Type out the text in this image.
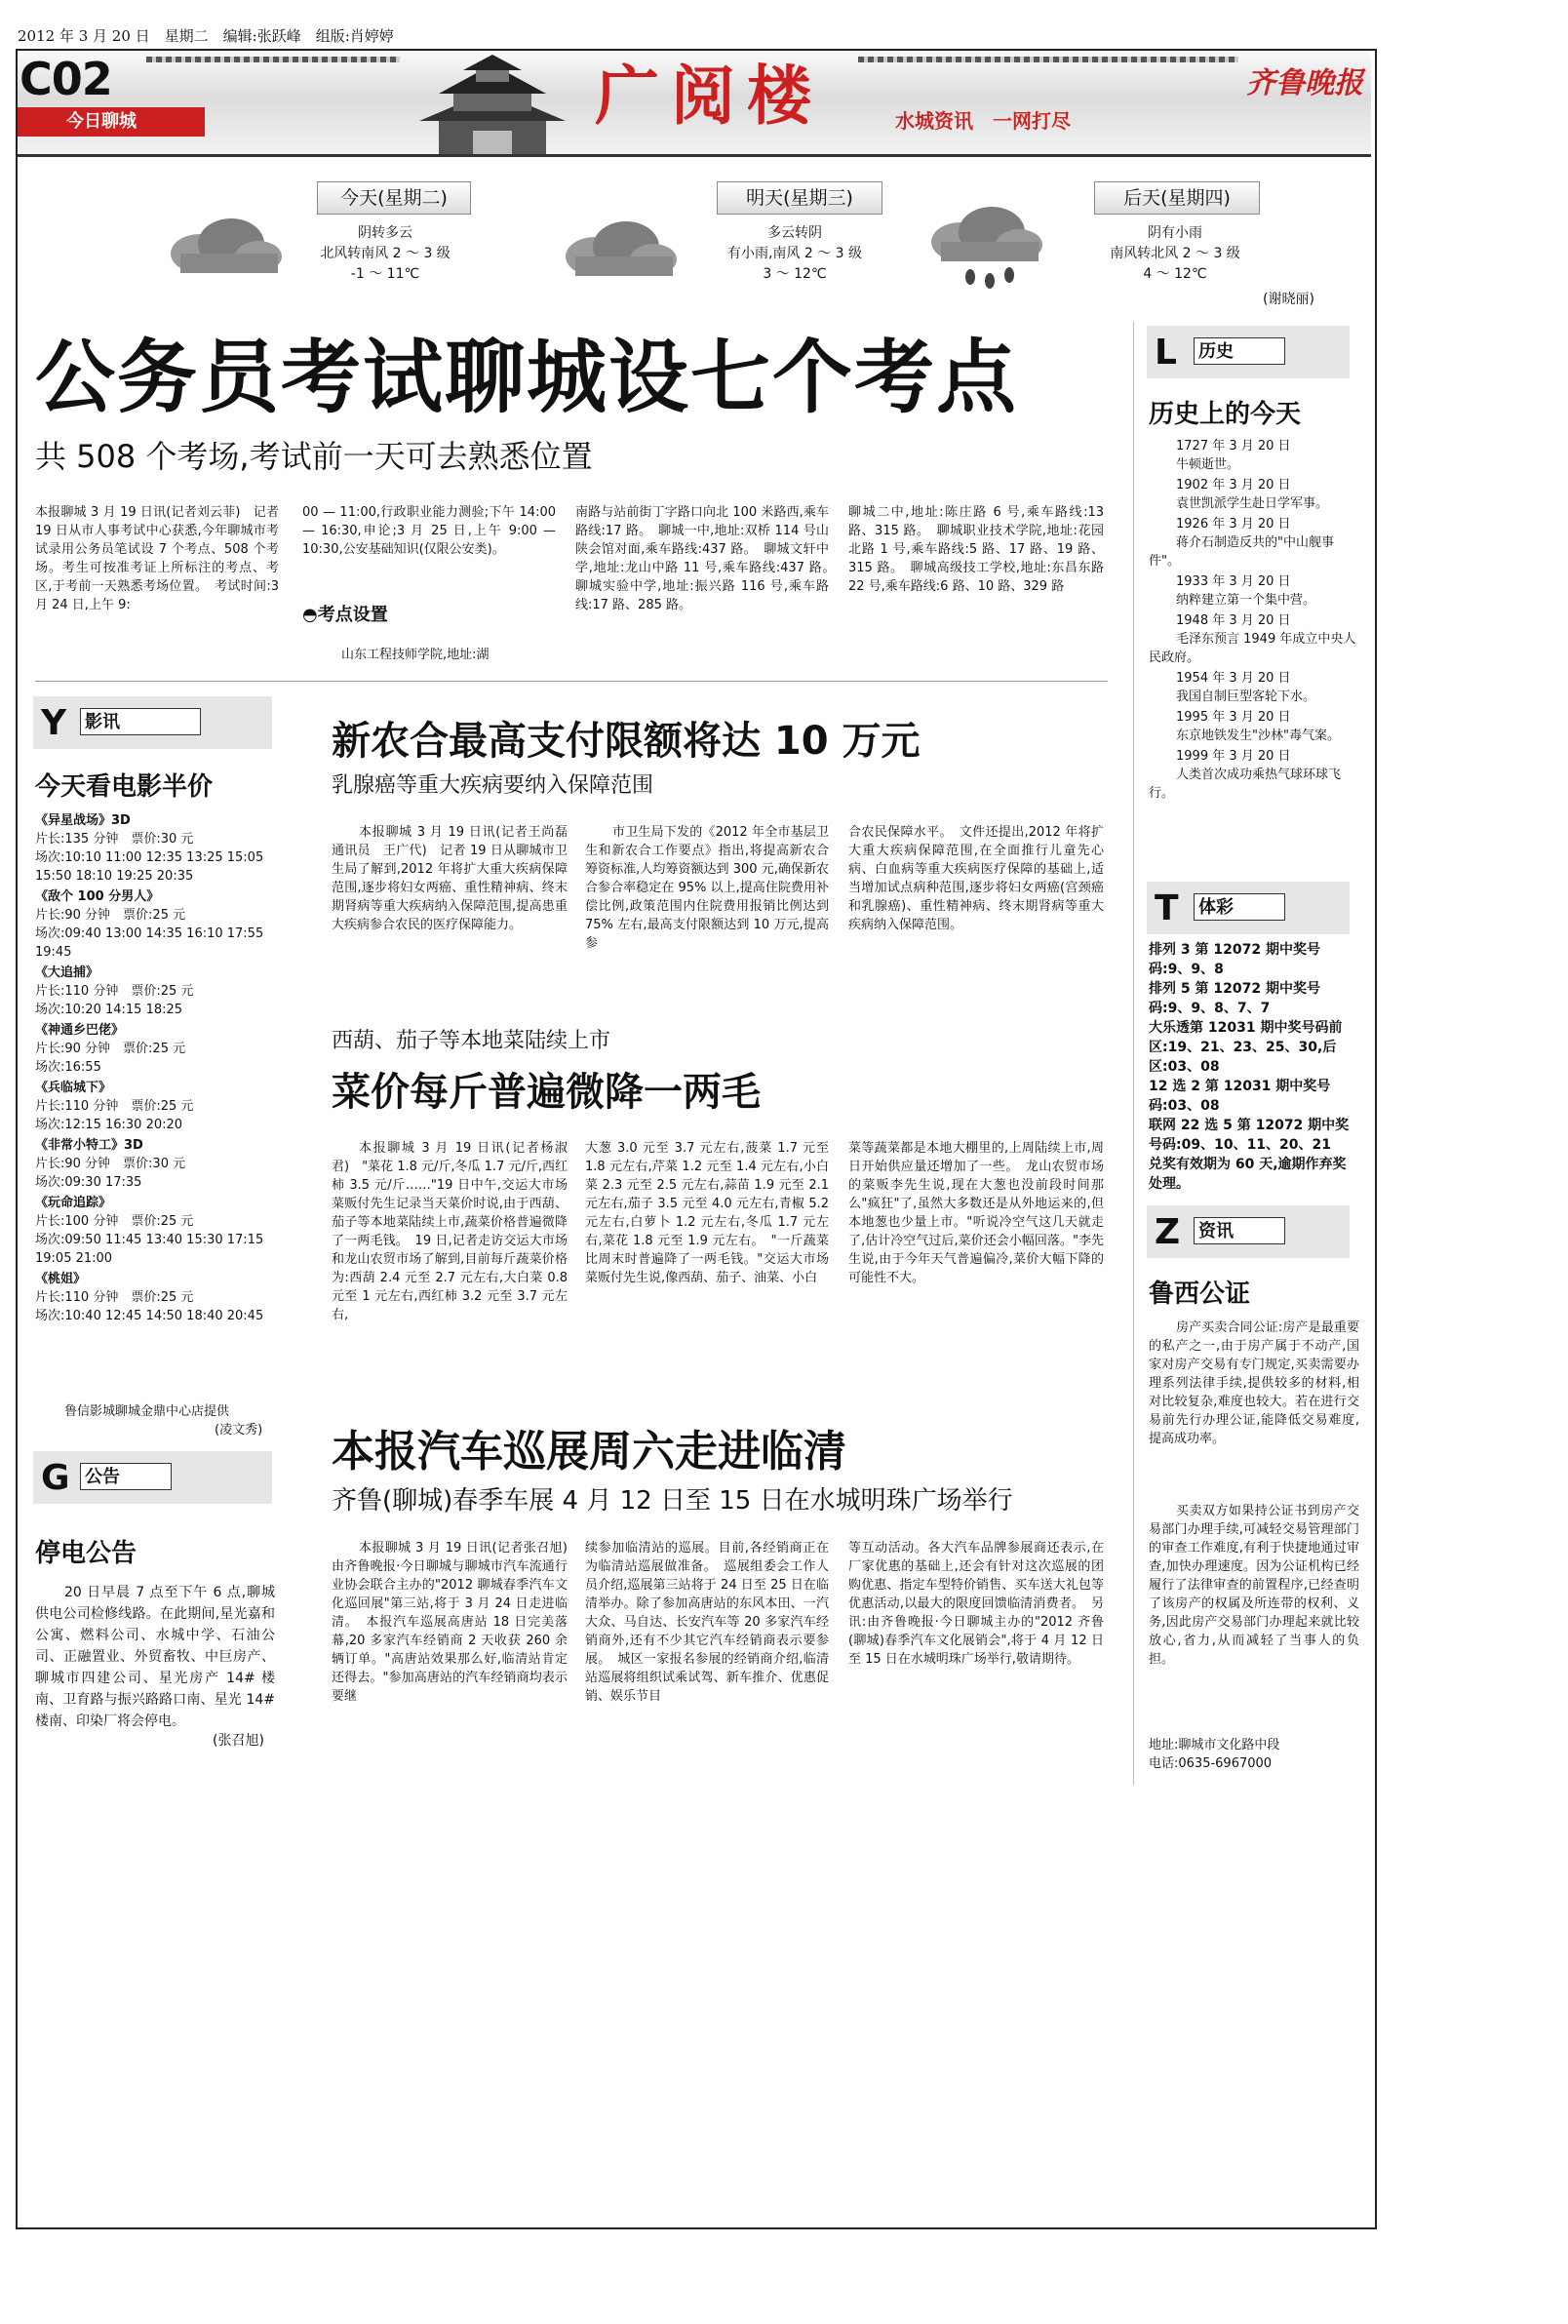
2012 年 3 月 20 日　星期二　编辑:张跃峰　组版:肖婷婷
C02
今日聊城	广阅楼	水城资讯　一网打尽
齐鲁晚报
今天(星期二)
阴转多云
北风转南风 2 ～ 3 级
-1 ～ 11℃
明天(星期三)
多云转阴
有小雨,南风 2 ～ 3 级
3 ～ 12℃
后天(星期四)
阴有小雨
南风转北风 2 ～ 3 级
4 ～ 12℃
(谢晓丽)
公务员考试聊城设七个考点
共 508 个考场,考试前一天可去熟悉位置
本报聊城 3 月 19 日讯(记者刘云菲)　记者 19 日从市人事考试中心获悉,今年聊城市考试录用公务员笔试设 7 个考点、508 个考场。考生可按准考证上所标注的考点、考区,于考前一天熟悉考场位置。　考试时间:3 月 24 日,上午 9:
00 — 11:00,行政职业能力测验;下午 14:00 — 16:30,申论;3 月 25 日,上午 9:00 — 10:30,公安基础知识(仅限公安类)。
◓考点设置
山东工程技师学院,地址:湖
南路与站前街丁字路口向北 100 米路西,乘车路线:17 路。　聊城一中,地址:双桥 114 号山陕会馆对面,乘车路线:437 路。　聊城文轩中学,地址:龙山中路 11 号,乘车路线:437 路。　聊城实验中学,地址:振兴路 116 号,乘车路线:17 路、285 路。
聊城二中,地址:陈庄路 6 号,乘车路线:13 路、315 路。　聊城职业技术学院,地址:花园北路 1 号,乘车路线:5 路、17 路、19 路、315 路。　聊城高级技工学校,地址:东昌东路 22 号,乘车路线:6 路、10 路、329 路
Y 影讯
今天看电影半价

《异星战场》3D

片长:135 分钟　票价:30 元

场次:10:10 11:00 12:35 13:25 15:05 15:50 18:10 19:25 20:35

《敌个 100 分男人》

片长:90 分钟　票价:25 元

场次:09:40 13:00 14:35 16:10 17:55 19:45

《大追捕》

片长:110 分钟　票价:25 元

场次:10:20 14:15 18:25

《神通乡巴佬》

片长:90 分钟　票价:25 元

场次:16:55

《兵临城下》

片长:110 分钟　票价:25 元

场次:12:15 16:30 20:20

《非常小特工》3D

片长:90 分钟　票价:30 元

场次:09:30 17:35

《玩命追踪》

片长:100 分钟　票价:25 元

场次:09:50 11:45 13:40 15:30 17:15 19:05 21:00

《桃姐》

片长:110 分钟　票价:25 元

场次:10:40 12:45 14:50 18:40 20:45

鲁信影城聊城金鼎中心店提供
(凌文秀)
G 公告
停电公告
20 日早晨 7 点至下午 6 点,聊城供电公司检修线路。在此期间,星光嘉和公寓、燃料公司、水城中学、石油公司、正融置业、外贸畜牧、中巨房产、聊城市四建公司、星光房产 14# 楼南、卫育路与振兴路路口南、星光 14# 楼南、印染厂将会停电。
(张召旭)
新农合最高支付限额将达 10 万元
乳腺癌等重大疾病要纳入保障范围
本报聊城 3 月 19 日讯(记者王尚磊　通讯员　王广代)　记者 19 日从聊城市卫生局了解到,2012 年将扩大重大疾病保障范围,逐步将妇女两癌、重性精神病、终末期肾病等重大疾病纳入保障范围,提高患重大疾病参合农民的医疗保障能力。
市卫生局下发的《2012 年全市基层卫生和新农合工作要点》指出,将提高新农合筹资标准,人均筹资额达到 300 元,确保新农合参合率稳定在 95% 以上,提高住院费用补偿比例,政策范围内住院费用报销比例达到 75% 左右,最高支付限额达到 10 万元,提高参
合农民保障水平。　文件还提出,2012 年将扩大重大疾病保障范围,在全面推行儿童先心病、白血病等重大疾病医疗保障的基础上,适当增加试点病种范围,逐步将妇女两癌(宫颈癌和乳腺癌)、重性精神病、终末期肾病等重大疾病纳入保障范围。
西葫、茄子等本地菜陆续上市
菜价每斤普遍微降一两毛
本报聊城 3 月 19 日讯(记者杨淑君)　"菜花 1.8 元/斤,冬瓜 1.7 元/斤,西红柿 3.5 元/斤……"19 日中午,交运大市场菜贩付先生记录当天菜价时说,由于西葫、茄子等本地菜陆续上市,蔬菜价格普遍微降了一两毛钱。　19 日,记者走访交运大市场和龙山农贸市场了解到,目前每斤蔬菜价格为:西葫 2.4 元至 2.7 元左右,大白菜 0.8 元至 1 元左右,西红柿 3.2 元至 3.7 元左右,
大葱 3.0 元至 3.7 元左右,菠菜 1.7 元至 1.8 元左右,芹菜 1.2 元至 1.4 元左右,小白菜 2.3 元至 2.5 元左右,蒜苗 1.9 元至 2.1 元左右,茄子 3.5 元至 4.0 元左右,青椒 5.2 元左右,白萝卜 1.2 元左右,冬瓜 1.7 元左右,菜花 1.8 元至 1.9 元左右。　"一斤蔬菜比周末时普遍降了一两毛钱。"交运大市场菜贩付先生说,像西葫、茄子、油菜、小白
菜等蔬菜都是本地大棚里的,上周陆续上市,周日开始供应量还增加了一些。　龙山农贸市场的菜贩李先生说,现在大葱也没前段时间那么"疯狂"了,虽然大多数还是从外地运来的,但本地葱也少量上市。"听说冷空气这几天就走了,估计冷空气过后,菜价还会小幅回落。"李先生说,由于今年天气普遍偏冷,菜价大幅下降的可能性不大。
本报汽车巡展周六走进临清
齐鲁(聊城)春季车展 4 月 12 日至 15 日在水城明珠广场举行
本报聊城 3 月 19 日讯(记者张召旭)　由齐鲁晚报·今日聊城与聊城市汽车流通行业协会联合主办的"2012 聊城春季汽车文化巡回展"第三站,将于 3 月 24 日走进临清。　本报汽车巡展高唐站 18 日完美落幕,20 多家汽车经销商 2 天收获 260 余辆订单。"高唐站效果那么好,临清站肯定还得去。"参加高唐站的汽车经销商均表示要继
续参加临清站的巡展。目前,各经销商正在为临清站巡展做准备。　巡展组委会工作人员介绍,巡展第三站将于 24 日至 25 日在临清举办。除了参加高唐站的东风本田、一汽大众、马自达、长安汽车等 20 多家汽车经销商外,还有不少其它汽车经销商表示要参展。　城区一家报名参展的经销商介绍,临清站巡展将组织试乘试驾、新车推介、优惠促销、娱乐节目
等互动活动。各大汽车品牌参展商还表示,在厂家优惠的基础上,还会有针对这次巡展的团购优惠、指定车型特价销售、买车送大礼包等优惠活动,以最大的限度回馈临清消费者。　另讯:由齐鲁晚报·今日聊城主办的"2012 齐鲁(聊城)春季汽车文化展销会",将于 4 月 12 日至 15 日在水城明珠广场举行,敬请期待。
L 历史
历史上的今天
1727 年 3 月 20 日
牛顿逝世。
1902 年 3 月 20 日
袁世凯派学生赴日学军事。
1926 年 3 月 20 日
蒋介石制造反共的"中山舰事件"。
1933 年 3 月 20 日
纳粹建立第一个集中营。
1948 年 3 月 20 日
毛泽东预言 1949 年成立中央人民政府。
1954 年 3 月 20 日
我国自制巨型客轮下水。
1995 年 3 月 20 日
东京地铁发生"沙林"毒气案。
1999 年 3 月 20 日
人类首次成功乘热气球环球飞行。
T 体彩
排列 3 第 12072 期中奖号码:9、9、8
排列 5 第 12072 期中奖号码:9、9、8、7、7
大乐透第 12031 期中奖号码前区:19、21、23、25、30,后区:03、08
12 选 2 第 12031 期中奖号码:03、08
联网 22 选 5 第 12072 期中奖号码:09、10、11、20、21
兑奖有效期为 60 天,逾期作弃奖处理。
Z 资讯
鲁西公证
房产买卖合同公证:房产是最重要的私产之一,由于房产属于不动产,国家对房产交易有专门规定,买卖需要办理系列法律手续,提供较多的材料,相对比较复杂,难度也较大。若在进行交易前先行办理公证,能降低交易难度,提高成功率。
买卖双方如果持公证书到房产交易部门办理手续,可减轻交易管理部门的审查工作难度,有利于快捷地通过审查,加快办理速度。因为公证机构已经履行了法律审查的前置程序,已经查明了该房产的权属及所连带的权利、义务,因此房产交易部门办理起来就比较放心,省力,从而减轻了当事人的负担。
地址:聊城市文化路中段
电话:0635-6967000
